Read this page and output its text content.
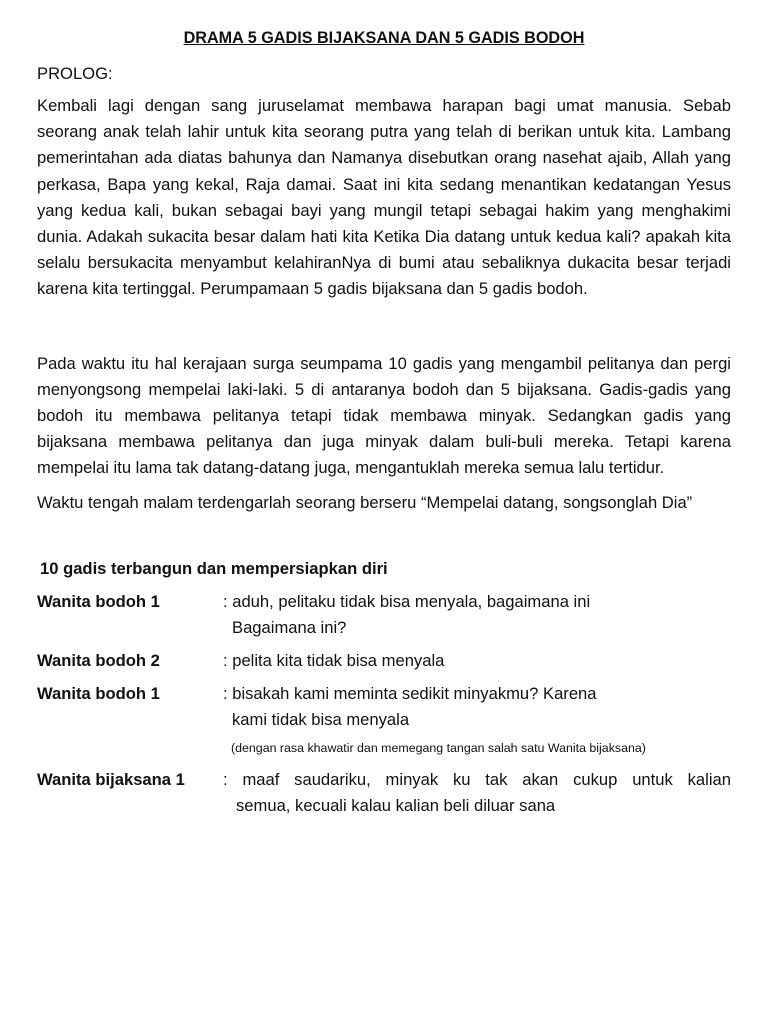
DRAMA 5 GADIS BIJAKSANA DAN 5 GADIS BODOH
PROLOG:

Kembali lagi dengan sang juruselamat membawa harapan bagi umat manusia. Sebab seorang anak telah lahir untuk kita seorang putra yang telah di berikan untuk kita. Lambang pemerintahan ada diatas bahunya dan Namanya disebutkan orang nasehat ajaib, Allah yang perkasa, Bapa yang kekal, Raja damai. Saat ini kita sedang menantikan kedatangan Yesus yang kedua kali, bukan sebagai bayi yang mungil tetapi sebagai hakim yang menghakimi dunia. Adakah sukacita besar dalam hati kita Ketika Dia datang untuk kedua kali? apakah kita selalu bersukacita menyambut kelahiranNya di bumi atau sebaliknya dukacita besar terjadi karena kita tertinggal. Perumpamaan 5 gadis bijaksana dan 5 gadis bodoh.

Pada waktu itu hal kerajaan surga seumpama 10 gadis yang mengambil pelitanya dan pergi menyongsong mempelai laki-laki. 5 di antaranya bodoh dan 5 bijaksana. Gadis-gadis yang bodoh itu membawa pelitanya tetapi tidak membawa minyak. Sedangkan gadis yang bijaksana membawa pelitanya dan juga minyak dalam buli-buli mereka. Tetapi karena mempelai itu lama tak datang-datang juga, mengantuklah mereka semua lalu tertidur.

Waktu tengah malam terdengarlah seorang berseru “Mempelai datang, songsonglah Dia”

10 gadis terbangun dan mempersiapkan diri
Wanita bodoh 1	: aduh, pelitaku tidak bisa menyala, bagaimana ini
Bagaimana ini?
Wanita bodoh 2	: pelita kita tidak bisa menyala
Wanita bodoh 1	: bisakah kami meminta sedikit minyakmu? Karena
kami tidak bisa menyala
(dengan rasa khawatir dan memegang tangan salah satu Wanita bijaksana)
Wanita bijaksana 1	: maaf saudariku, minyak ku tak akan cukup untuk kalian
semua, kecuali kalau kalian beli diluar sana
